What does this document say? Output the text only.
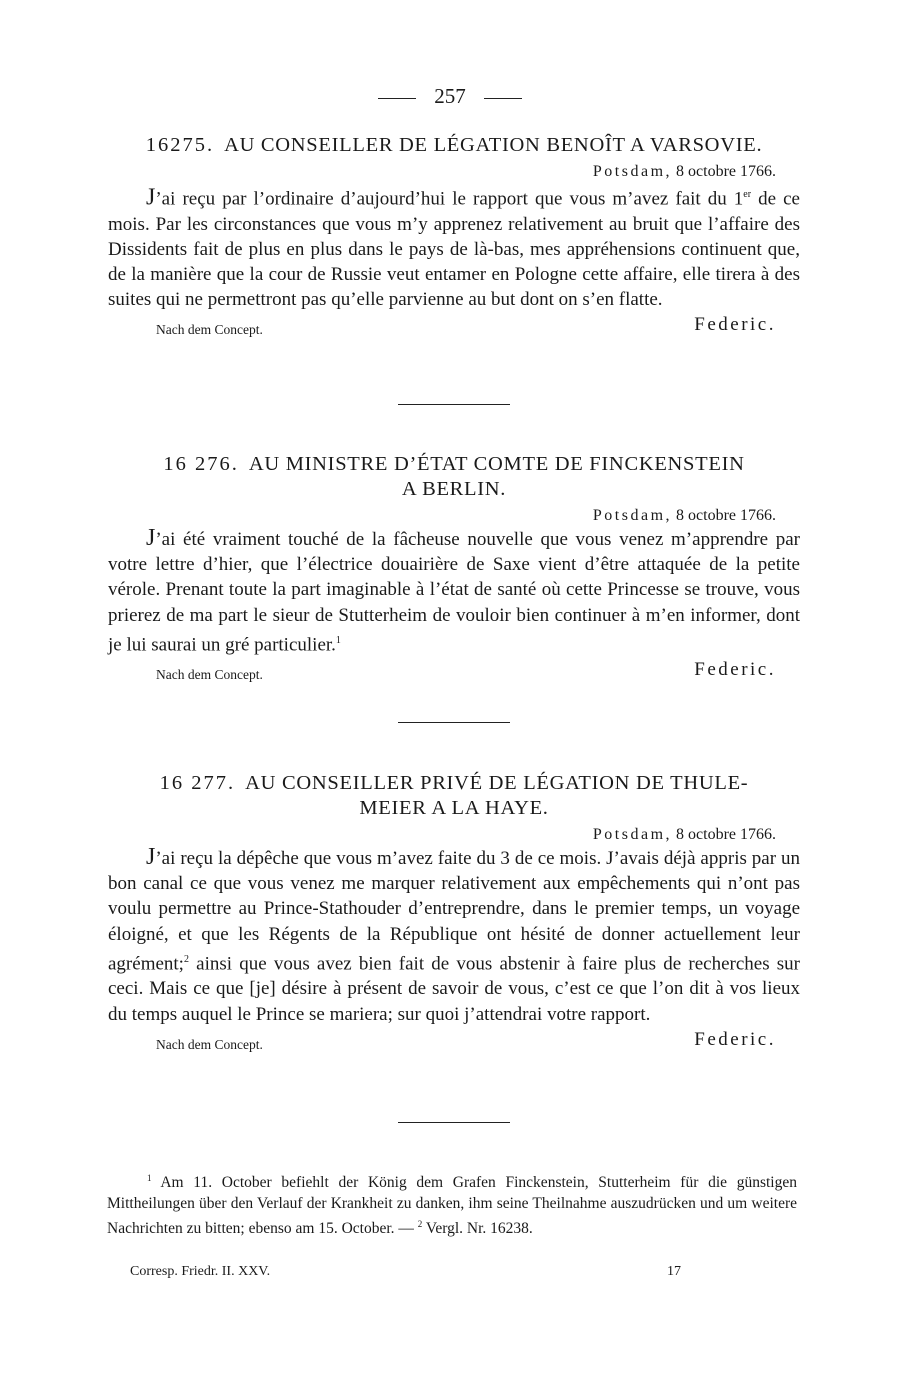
257
16275. AU CONSEILLER DE LÉGATION BENOÎT A VARSOVIE.
Potsdam, 8 octobre 1766.

J’ai reçu par l’ordinaire d’aujourd’hui le rapport que vous m’avez fait du 1er de ce mois. Par les circonstances que vous m’y apprenez relativement au bruit que l’affaire des Dissidents fait de plus en plus dans le pays de là-bas, mes appréhensions continuent que, de la manière que la cour de Russie veut entamer en Pologne cette affaire, elle tirera à des suites qui ne permettront pas qu’elle parvienne au but dont on s’en flatte.

Nach dem Concept.	Federic.
16 276. AU MINISTRE D’ÉTAT COMTE DE FINCKENSTEIN
A BERLIN.
Potsdam, 8 octobre 1766.

J’ai été vraiment touché de la fâcheuse nouvelle que vous venez m’apprendre par votre lettre d’hier, que l’électrice douairière de Saxe vient d’être attaquée de la petite vérole. Prenant toute la part imaginable à l’état de santé où cette Princesse se trouve, vous prierez de ma part le sieur de Stutterheim de vouloir bien continuer à m’en informer, dont je lui saurai un gré particulier.$^1$

Nach dem Concept.	Federic.
16 277. AU CONSEILLER PRIVÉ DE LÉGATION DE THULE-
MEIER A LA HAYE.
Potsdam, 8 octobre 1766.

J’ai reçu la dépêche que vous m’avez faite du 3 de ce mois. J’avais déjà appris par un bon canal ce que vous venez me marquer relativement aux empêchements qui n’ont pas voulu permettre au Prince-Stathouder d’entreprendre, dans le premier temps, un voyage éloigné, et que les Régents de la République ont hésité de donner actuellement leur agrément;$^2$ ainsi que vous avez bien fait de vous abstenir à faire plus de recherches sur ceci. Mais ce que [je] désire à présent de savoir de vous, c’est ce que l’on dit à vos lieux du temps auquel le Prince se mariera; sur quoi j’attendrai votre rapport.

Nach dem Concept.	Federic.
$^1$ Am 11. October befiehlt der König dem Grafen Finckenstein, Stutterheim für die günstigen Mittheilungen über den Verlauf der Krankheit zu danken, ihm seine Theilnahme auszudrücken und um weitere Nachrichten zu bitten; ebenso am 15. October. — $^2$ Vergl. Nr. 16238.
Corresp. Friedr. II. XXV.	17
